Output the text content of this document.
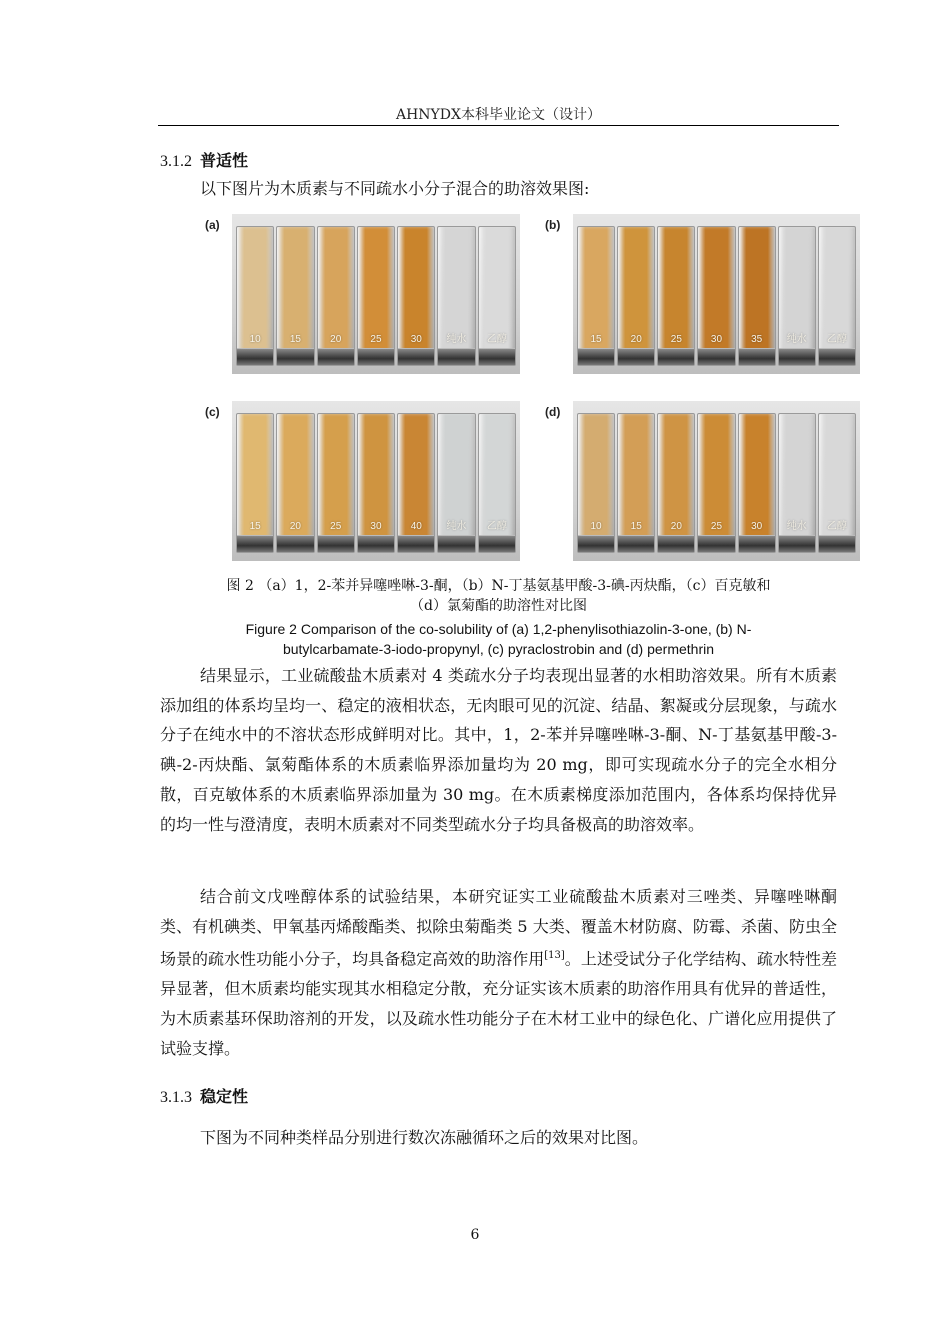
AHNYDX本科毕业论文（设计）
3.1.2 普适性

以下图片为木质素与不同疏水小分子混合的助溶效果图:

(a)
10	15	20	25	30	纯水	乙醇
(b)
15	20	25	30	35	纯水	乙醇
(c)
15	20	25	30	40	纯水	乙醇
(d)
10	15	20	25	30	纯水	乙醇
图 2 （a）1，2-苯并异噻唑啉-3-酮，（b）N-丁基氨基甲酸-3-碘-丙炔酯，（c）百克敏和
（d）氯菊酯的助溶性对比图
Figure 2 Comparison of the co-solubility of (a) 1,2-phenylisothiazolin-3-one, (b) N-
butylcarbamate-3-iodo-propynyl, (c) pyraclostrobin and (d) permethrin

结果显示，工业硫酸盐木质素对 4 类疏水分子均表现出显著的水相助溶效果。所有木质素添加组的体系均呈均一、稳定的液相状态，无肉眼可见的沉淀、结晶、絮凝或分层现象，与疏水分子在纯水中的不溶状态形成鲜明对比。其中，1，2-苯并异噻唑啉-3-酮、N-丁基氨基甲酸-3-碘-2-丙炔酯、氯菊酯体系的木质素临界添加量均为 20 mg，即可实现疏水分子的完全水相分散，百克敏体系的木质素临界添加量为 30 mg。在木质素梯度添加范围内，各体系均保持优异的均一性与澄清度，表明木质素对不同类型疏水分子均具备极高的助溶效率。

结合前文戊唑醇体系的试验结果，本研究证实工业硫酸盐木质素对三唑类、异噻唑啉酮类、有机碘类、甲氧基丙烯酸酯类、拟除虫菊酯类 5 大类、覆盖木材防腐、防霉、杀菌、防虫全场景的疏水性功能小分子，均具备稳定高效的助溶作用[13]。上述受试分子化学结构、疏水特性差异显著，但木质素均能实现其水相稳定分散，充分证实该木质素的助溶作用具有优异的普适性，为木质素基环保助溶剂的开发，以及疏水性功能分子在木材工业中的绿色化、广谱化应用提供了试验支撑。

3.1.3 稳定性

下图为不同种类样品分别进行数次冻融循环之后的效果对比图。

6
